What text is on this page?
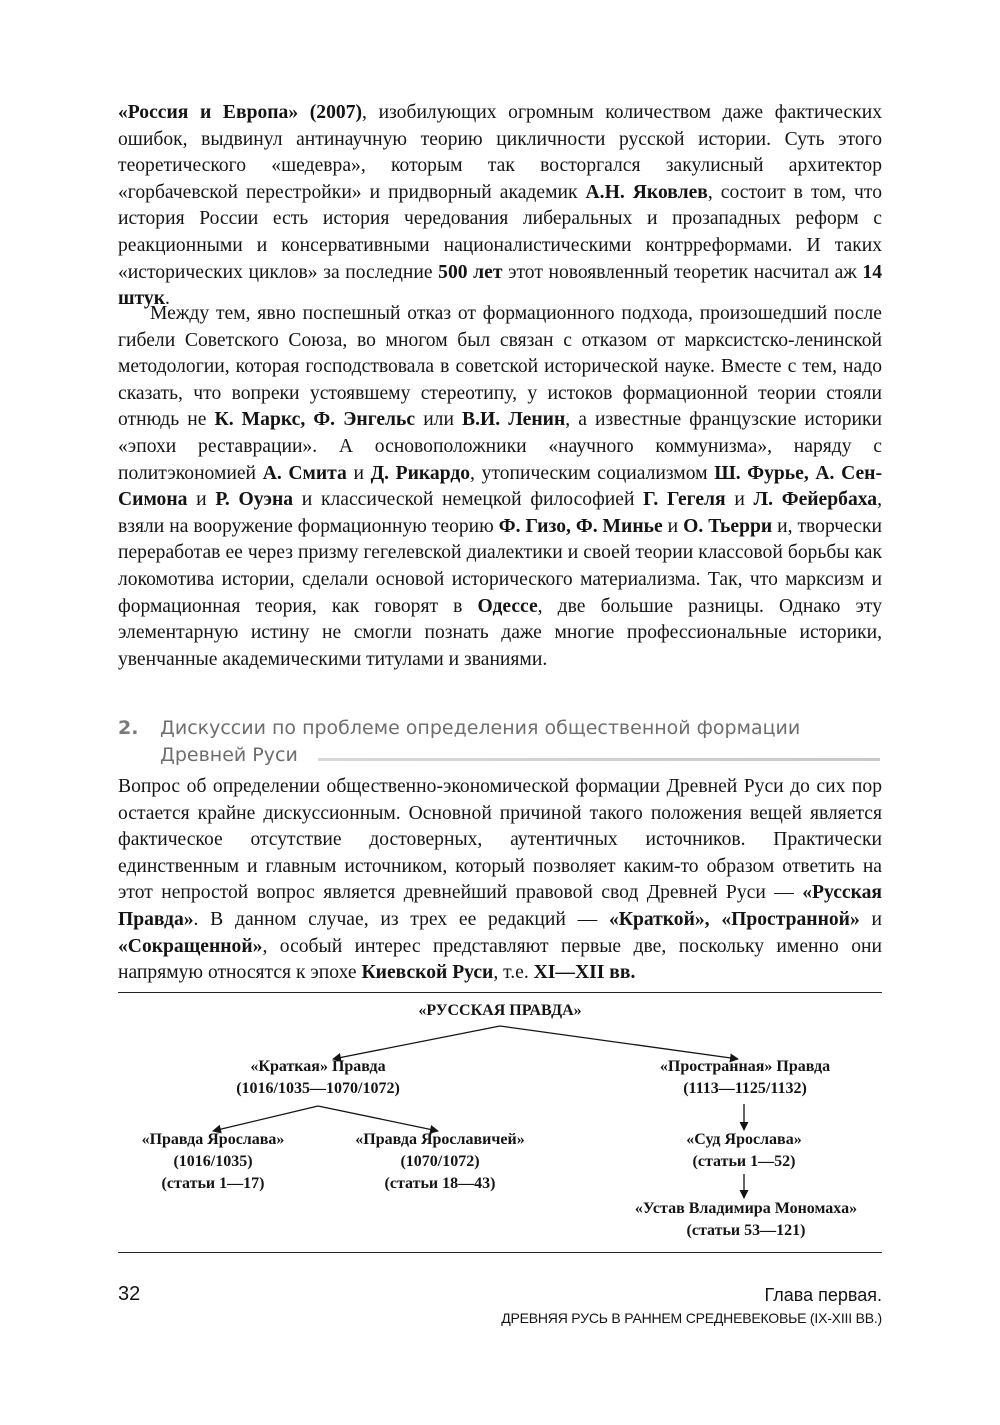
«Россия и Европа» (2007), изобилующих огромным количеством даже фактических ошибок, выдвинул антинаучную теорию цикличности русской истории. Суть этого теоретического «шедевра», которым так восторгался закулисный архитектор «горбачевской перестройки» и придворный академик А.Н. Яковлев, состоит в том, что история России есть история чередования либеральных и прозападных реформ с реакционными и консервативными националистическими контрреформами. И таких «исторических циклов» за последние 500 лет этот новоявленный теоретик насчитал аж 14 штук.

Между тем, явно поспешный отказ от формационного подхода, произошедший после гибели Советского Союза, во многом был связан с отказом от марксистско-ленинской методологии, которая господствовала в советской исторической науке. Вместе с тем, надо сказать, что вопреки устоявшему стереотипу, у истоков формационной теории стояли отнюдь не К. Маркс, Ф. Энгельс или В.И. Ленин, а известные французские историки «эпохи реставрации». А основоположники «научного коммунизма», наряду с политэкономией А. Смита и Д. Рикардо, утопическим социализмом Ш. Фурье, А. Сен-Симона и Р. Оуэна и классической немецкой философией Г. Гегеля и Л. Фейербаха, взяли на вооружение формационную теорию Ф. Гизо, Ф. Минье и О. Тьерри и, творчески переработав ее через призму гегелевской диалектики и своей теории классовой борьбы как локомотива истории, сделали основой исторического материализма. Так, что марксизм и формационная теория, как говорят в Одессе, две большие разницы. Однако эту элементарную истину не смогли познать даже многие профессиональные историки, увенчанные академическими титулами и званиями.

2. Дискуссии по проблеме определения общественной формации
Древней Руси

Вопрос об определении общественно-экономической формации Древней Руси до сих пор остается крайне дискуссионным. Основной причиной такого положения вещей является фактическое отсутствие достоверных, аутентичных источников. Практически единственным и главным источником, который позволяет каким-то образом ответить на этот непростой вопрос является древнейший правовой свод Древней Руси — «Русская Правда». В данном случае, из трех ее редакций — «Краткой», «Пространной» и «Сокращенной», особый интерес представляют первые две, поскольку именно они напрямую относятся к эпохе Киевской Руси, т.е. XI—XII вв.

«РУССКАЯ ПРАВДА»
«Краткая» Правда
(1016/1035—1070/1072)
«Правда Ярослава»
(1016/1035)
(статьи 1—17)
«Правда Ярославичей»
(1070/1072)
(статьи 18—43)
«Пространная» Правда
(1113—1125/1132)
«Суд Ярослава»
(статьи 1—52)
«Устав Владимира Мономаха»
(статьи 53—121)
32	Глава первая.
ДРЕВНЯЯ РУСЬ В РАННЕМ СРЕДНЕВЕКОВЬЕ (IX-XIII ВВ.)
